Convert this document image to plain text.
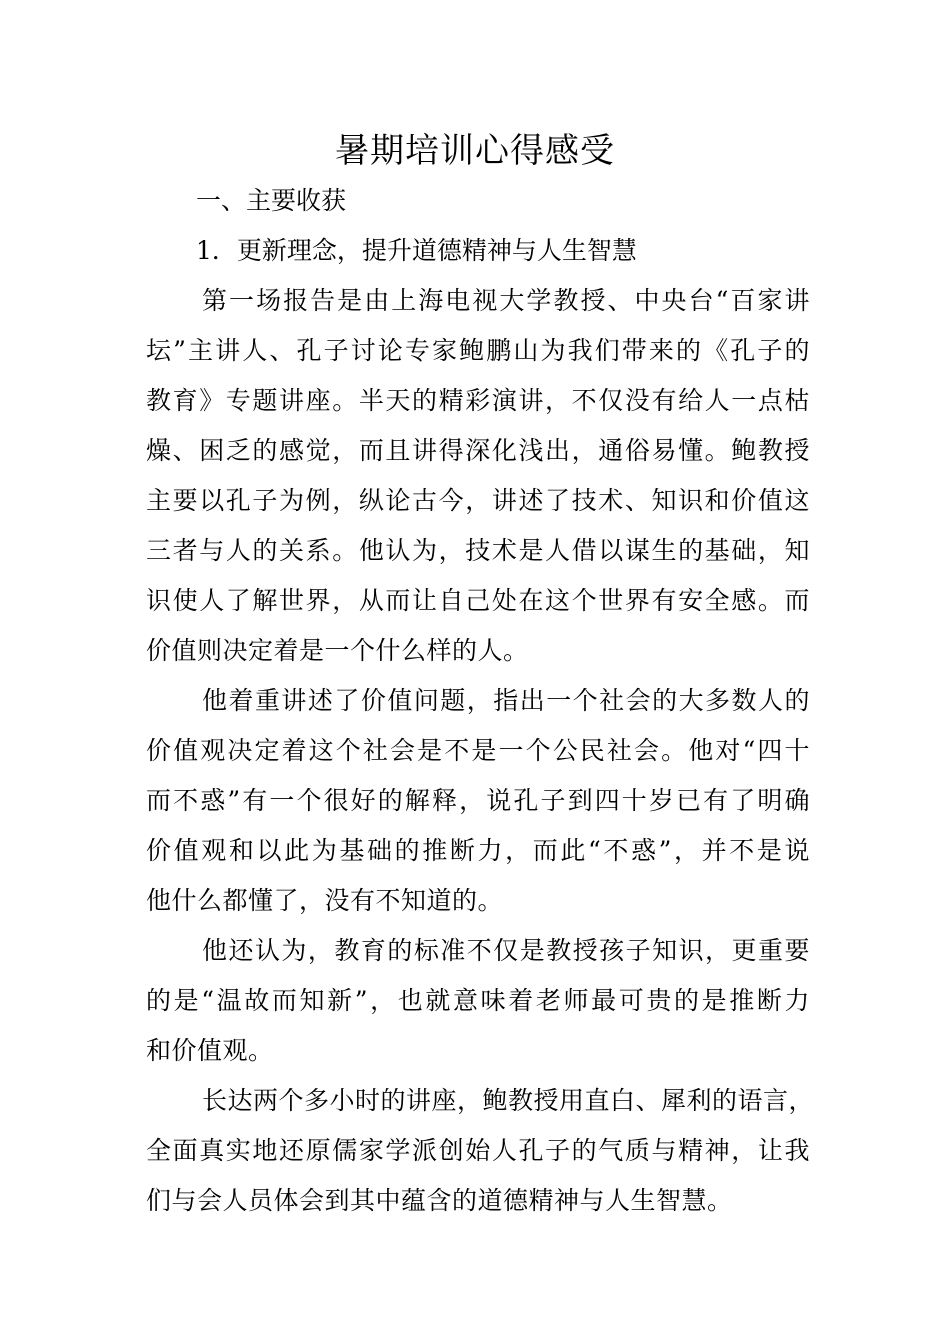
暑期培训心得感受
一、主要收获
1．更新理念，提升道德精神与人生智慧

第一场报告是由上海电视大学教授、中央台“百家讲
坛”主讲人、孔子讨论专家鲍鹏山为我们带来的《孔子的
教育》专题讲座。半天的精彩演讲，不仅没有给人一点枯
燥、困乏的感觉，而且讲得深化浅出，通俗易懂。鲍教授
主要以孔子为例，纵论古今，讲述了技术、知识和价值这
三者与人的关系。他认为，技术是人借以谋生的基础，知
识使人了解世界，从而让自己处在这个世界有安全感。而
价值则决定着是一个什么样的人。

他着重讲述了价值问题，指出一个社会的大多数人的
价值观决定着这个社会是不是一个公民社会。他对“四十
而不惑”有一个很好的解释，说孔子到四十岁已有了明确
价值观和以此为基础的推断力，而此“不惑”，并不是说
他什么都懂了，没有不知道的。

他还认为，教育的标准不仅是教授孩子知识，更重要
的是“温故而知新”，也就意味着老师最可贵的是推断力
和价值观。

长达两个多小时的讲座，鲍教授用直白、犀利的语言，
全面真实地还原儒家学派创始人孔子的气质与精神，让我
们与会人员体会到其中蕴含的道德精神与人生智慧。
